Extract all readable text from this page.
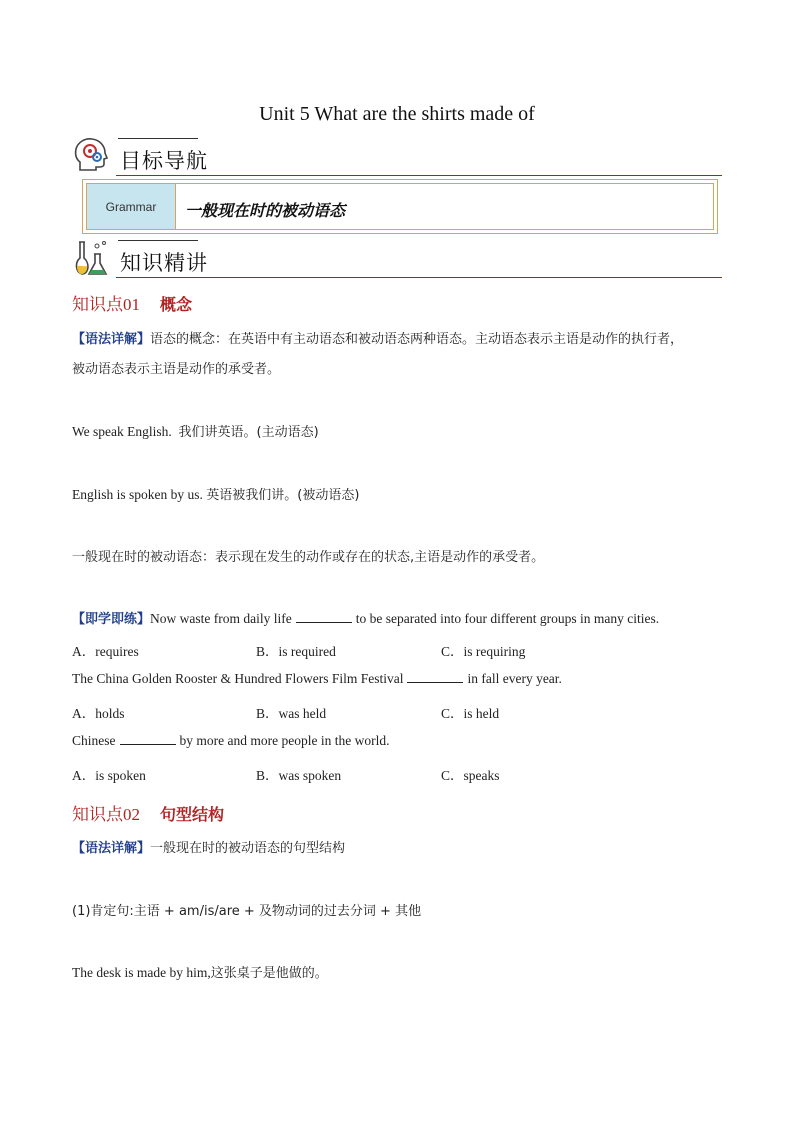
Unit 5 What are the shirts made of
目标导航
Grammar	一般现在时的被动语态
知识精讲
知识点01 概念
【语法详解】语态的概念：在英语中有主动语态和被动语态两种语态。主动语态表示主语是动作的执行者，
被动语态表示主语是动作的承受者。
We speak English. 我们讲英语。(主动语态)
English is spoken by us. 英语被我们讲。(被动语态)
一般现在时的被动语态：表示现在发生的动作或存在的状态,主语是动作的承受者。
【即学即练】Now waste from daily life	to be separated into four different groups in many cities.
A．requires	B．is required	C．is requiring
The China Golden Rooster & Hundred Flowers Film Festival	in fall every year.
A．holds	B．was held	C．is held
Chinese	by more and more people in the world.
A．is spoken	B．was spoken	C．speaks
知识点02 句型结构
【语法详解】一般现在时的被动语态的句型结构
(1)肯定句:主语 + am/is/are + 及物动词的过去分词 + 其他
The desk is made by him,这张桌子是他做的。
